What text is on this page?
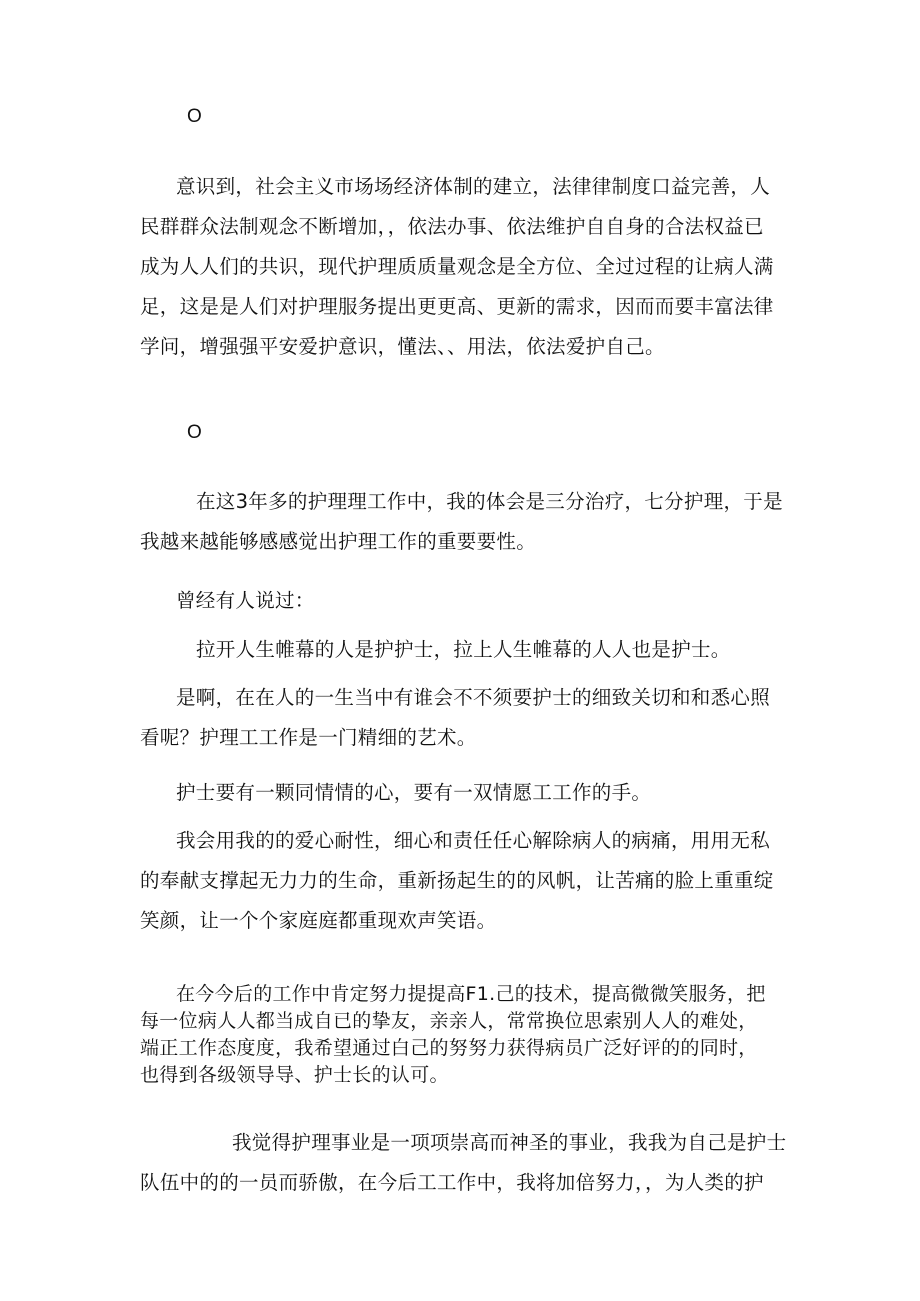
O
意识到，社会主义市场场经济体制的建立，法律律制度口益完善，人
民群群众法制观念不断增加，，依法办事、依法维护自自身的合法权益已
成为人人们的共识，现代护理质质量观念是全方位、全过过程的让病人满
足，这是是人们对护理服务提出更更高、更新的需求，因而而要丰富法律
学问，增强强平安爱护意识，懂法、、用法，依法爱护自己。
O
在这3年多的护理理工作中，我的体会是三分治疗，七分护理，于是
我越来越能够感感觉出护理工作的重要要性。
曾经有人说过：
拉开人生帷幕的人是护护士，拉上人生帷幕的人人也是护士。
是啊，在在人的一生当中有谁会不不须要护士的细致关切和和悉心照
看呢？护理工工作是一门精细的艺术。
护士要有一颗同情情的心，要有一双情愿工工作的手。
我会用我的的爱心耐性，细心和责任任心解除病人的病痛，用用无私
的奉献支撑起无力力的生命，重新扬起生的的风帆，让苦痛的脸上重重绽
笑颜，让一个个家庭庭都重现欢声笑语。
在今今后的工作中肯定努力提提高F1.己的技术，提高微微笑服务，把
每一位病人人都当成自已的挚友，亲亲人，常常换位思索别人人的难处，
端正工作态度度，我希望通过白己的努努力获得病员广泛好评的的同时，
也得到各级领导导、护士长的认可。
我觉得护理事业是一项项崇高而神圣的事业，我我为自己是护士
队伍中的的一员而骄傲，在今后工工作中，我将加倍努力，，为人类的护
